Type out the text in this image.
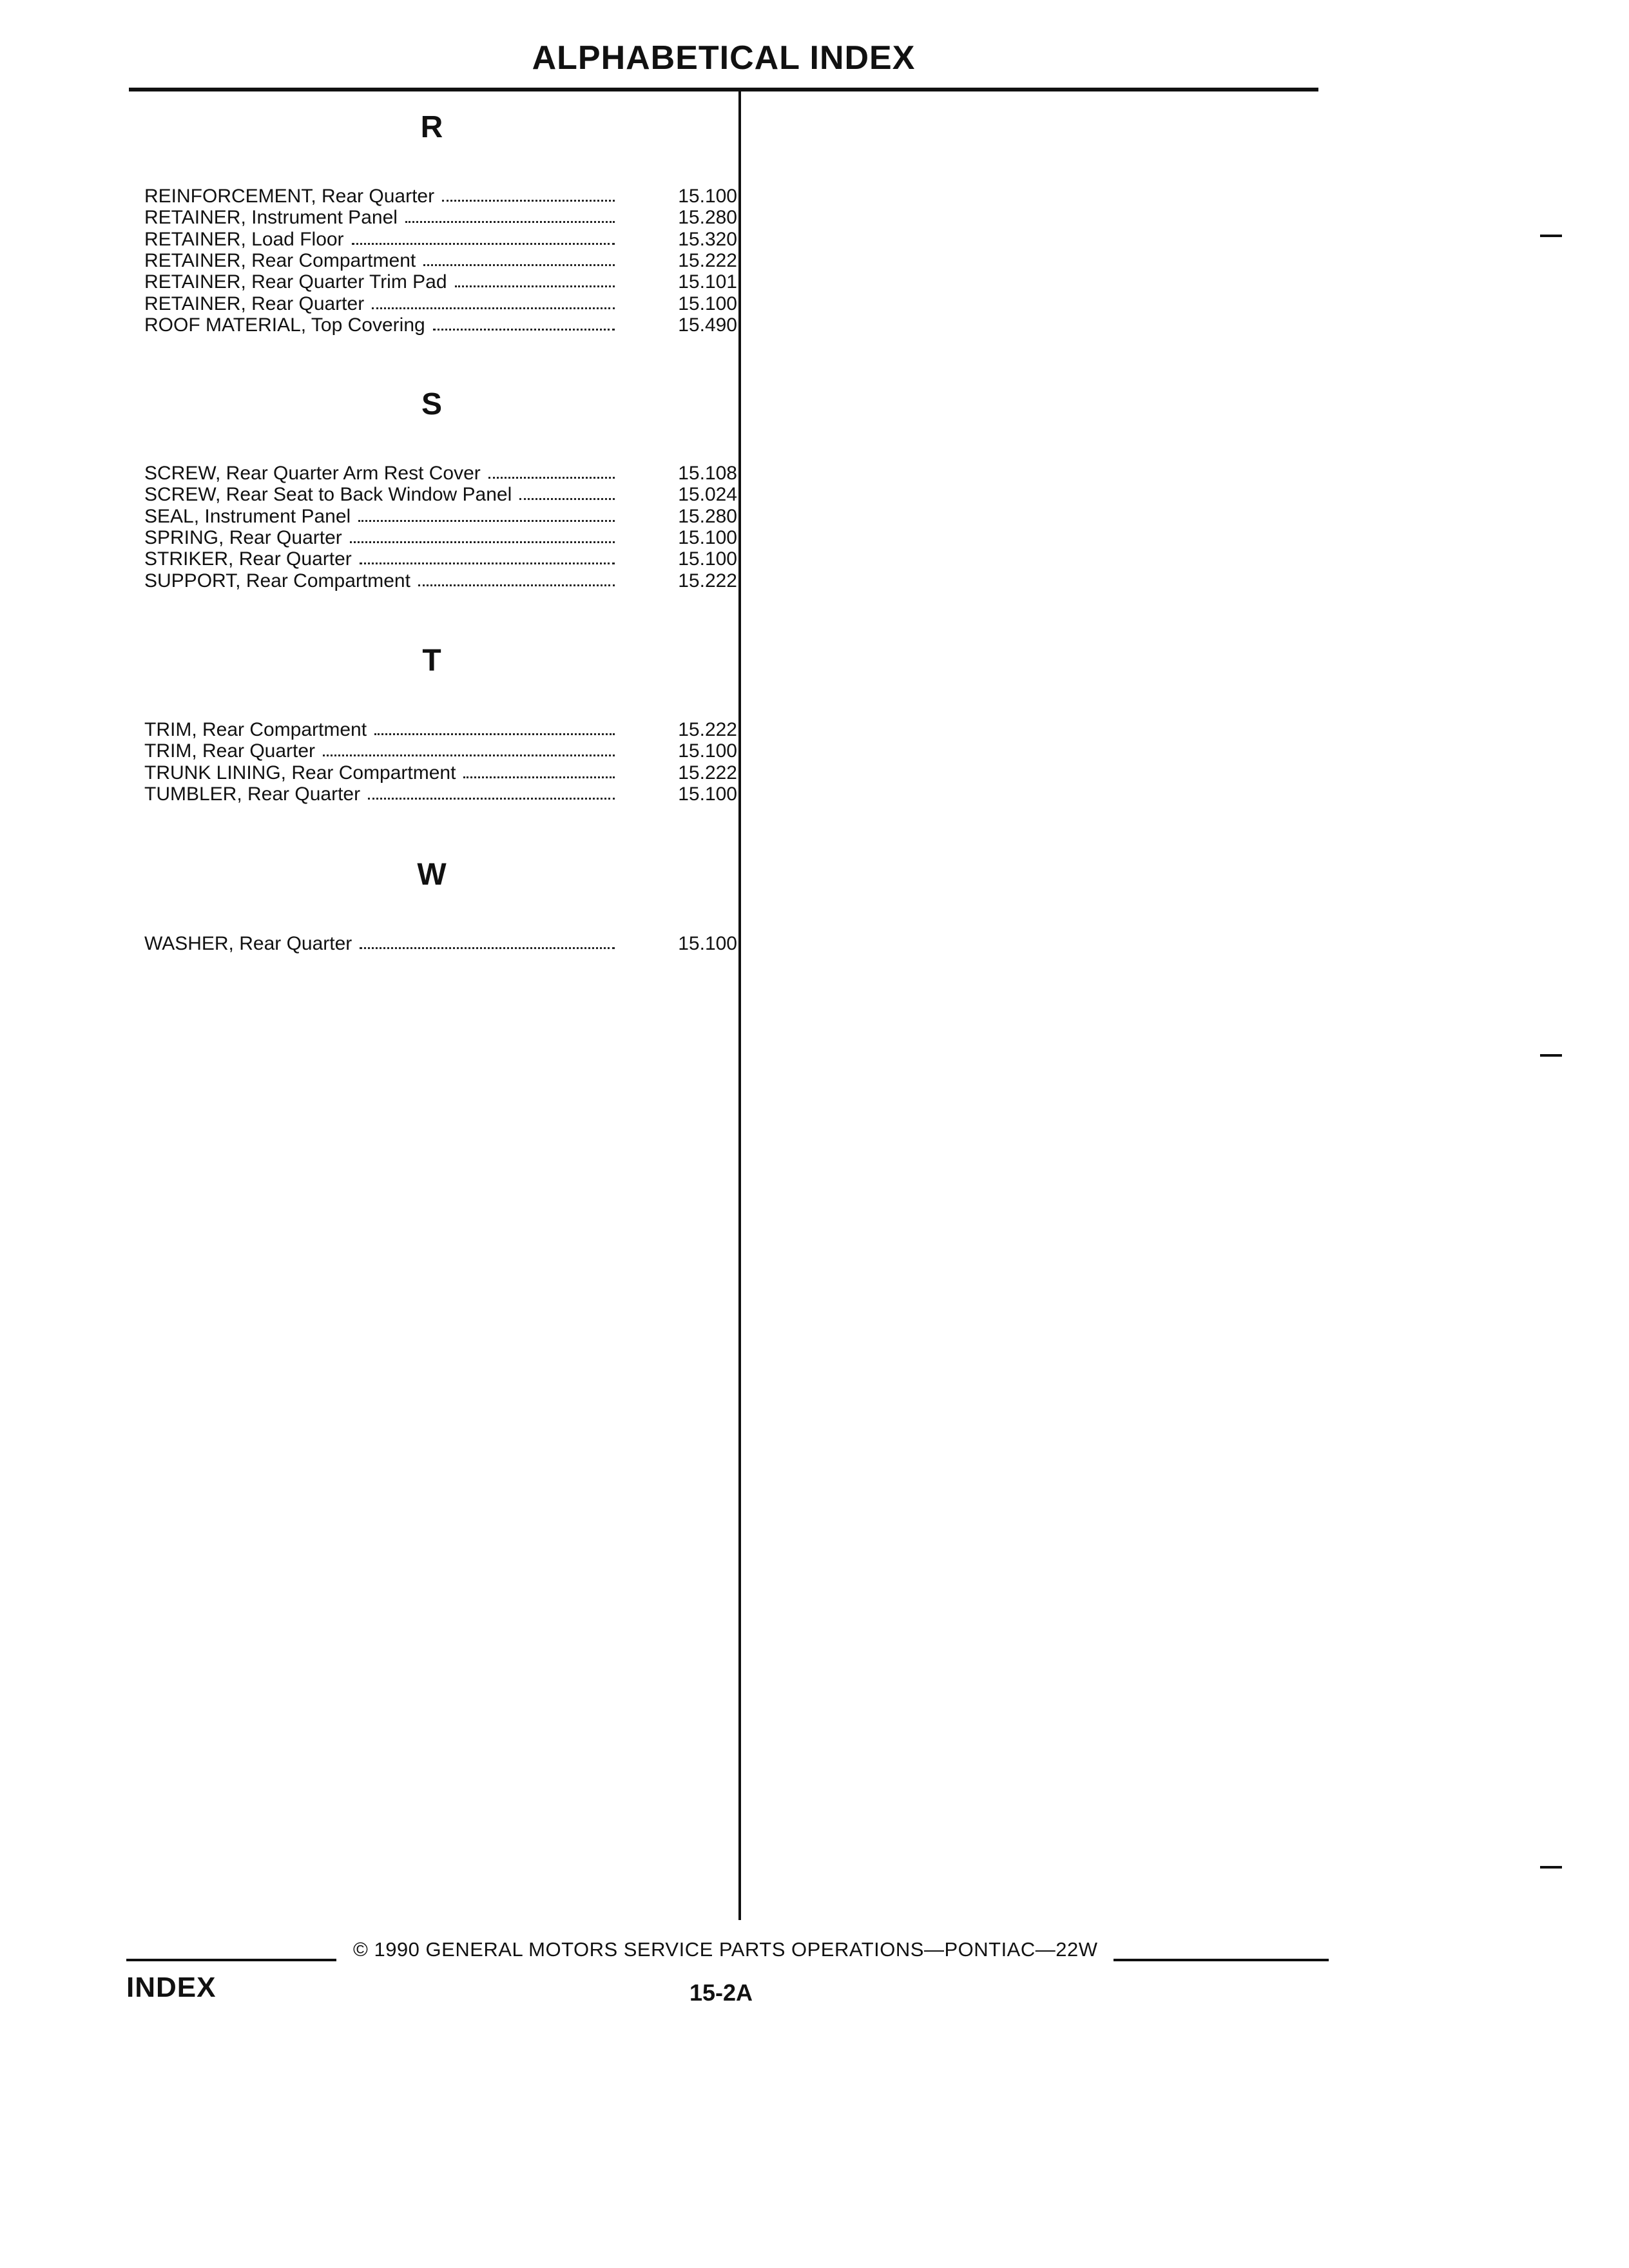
ALPHABETICAL INDEX
R
REINFORCEMENT, Rear Quarter	15.100
RETAINER, Instrument Panel	15.280
RETAINER, Load Floor	15.320
RETAINER, Rear Compartment	15.222
RETAINER, Rear Quarter Trim Pad	15.101
RETAINER, Rear Quarter	15.100
ROOF MATERIAL, Top Covering	15.490
S
SCREW, Rear Quarter Arm Rest Cover	15.108
SCREW, Rear Seat to Back Window Panel	15.024
SEAL, Instrument Panel	15.280
SPRING, Rear Quarter	15.100
STRIKER, Rear Quarter	15.100
SUPPORT, Rear Compartment	15.222
T
TRIM, Rear Compartment	15.222
TRIM, Rear Quarter	15.100
TRUNK LINING, Rear Compartment	15.222
TUMBLER, Rear Quarter	15.100
W
WASHER, Rear Quarter	15.100
© 1990 GENERAL MOTORS SERVICE PARTS OPERATIONS—PONTIAC—22W
INDEX	15-2A
